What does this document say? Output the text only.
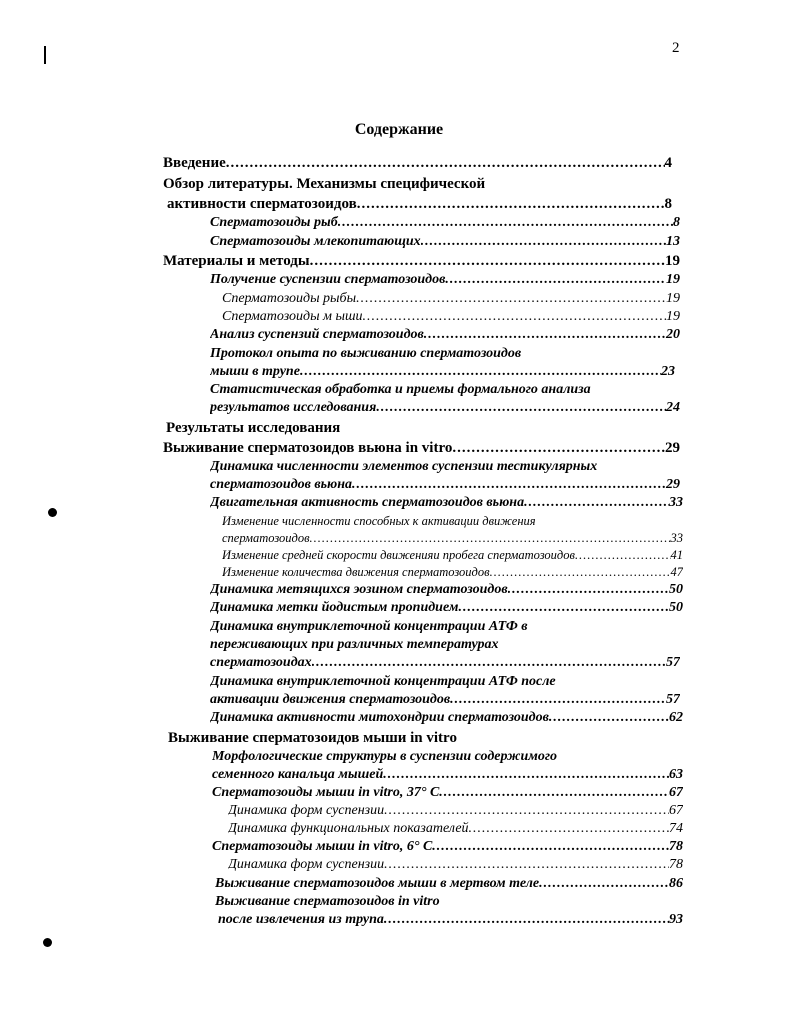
2
Содержание
Введение .....	4
Обзор литературы. Механизмы специфической
активности сперматозоидов .....	8
Сперматозоиды рыб .....	8
Сперматозоиды млекопитающих .....	13
Материалы и методы .....	19
Получение суспензии сперматозоидов .....	19
Сперматозоиды рыбы .....	19
Сперматозоиды м ыши .....	19
Анализ суспензий сперматозоидов .....	20
Протокол опыта по выживанию сперматозоидов
мыши в трупе .....	23
Статистическая обработка и приемы формального анализа
результатов исследования .....	24
Результаты исследования
Выживание сперматозоидов вьюна in vitro .....	29
Динамика численности элементов суспензии тестикулярных
сперматозоидов вьюна .....	29
Двигательная активность сперматозоидов вьюна .....	33
Изменение численности способных к активации движения
сперматозоидов .....	33
Изменение средней скорости движенияи пробега сперматозоидов .....	41
Изменение количества движения сперматозоидов .....	47
Динамика метящихся эозином сперматозоидов .....	50
Динамика метки йодистым пропидием .....	50
Динамика внутриклеточной концентрации АТФ в
переживающих при различных температурах
сперматозоидах .....	57
Динамика внутриклеточной концентрации АТФ после
активации движения сперматозоидов .....	57
Динамика активности митохондрии сперматозоидов .....	62
Выживание сперматозоидов мыши in vitro
Морфологические структуры в суспензии содержимого
семенного канальца мышей .....	63
Сперматозоиды мыши in vitro, 37° С .....	67
Динамика форм суспензии .....	67
Динамика функциональных показателей .....	74
Сперматозоиды мыши in vitro, 6° С .....	78
Динамика форм суспензии .....	78
Выживание сперматозоидов мыши в мертвом теле .....	86
Выживание сперматозоидов in vitro
после извлечения из трупа .....	93
